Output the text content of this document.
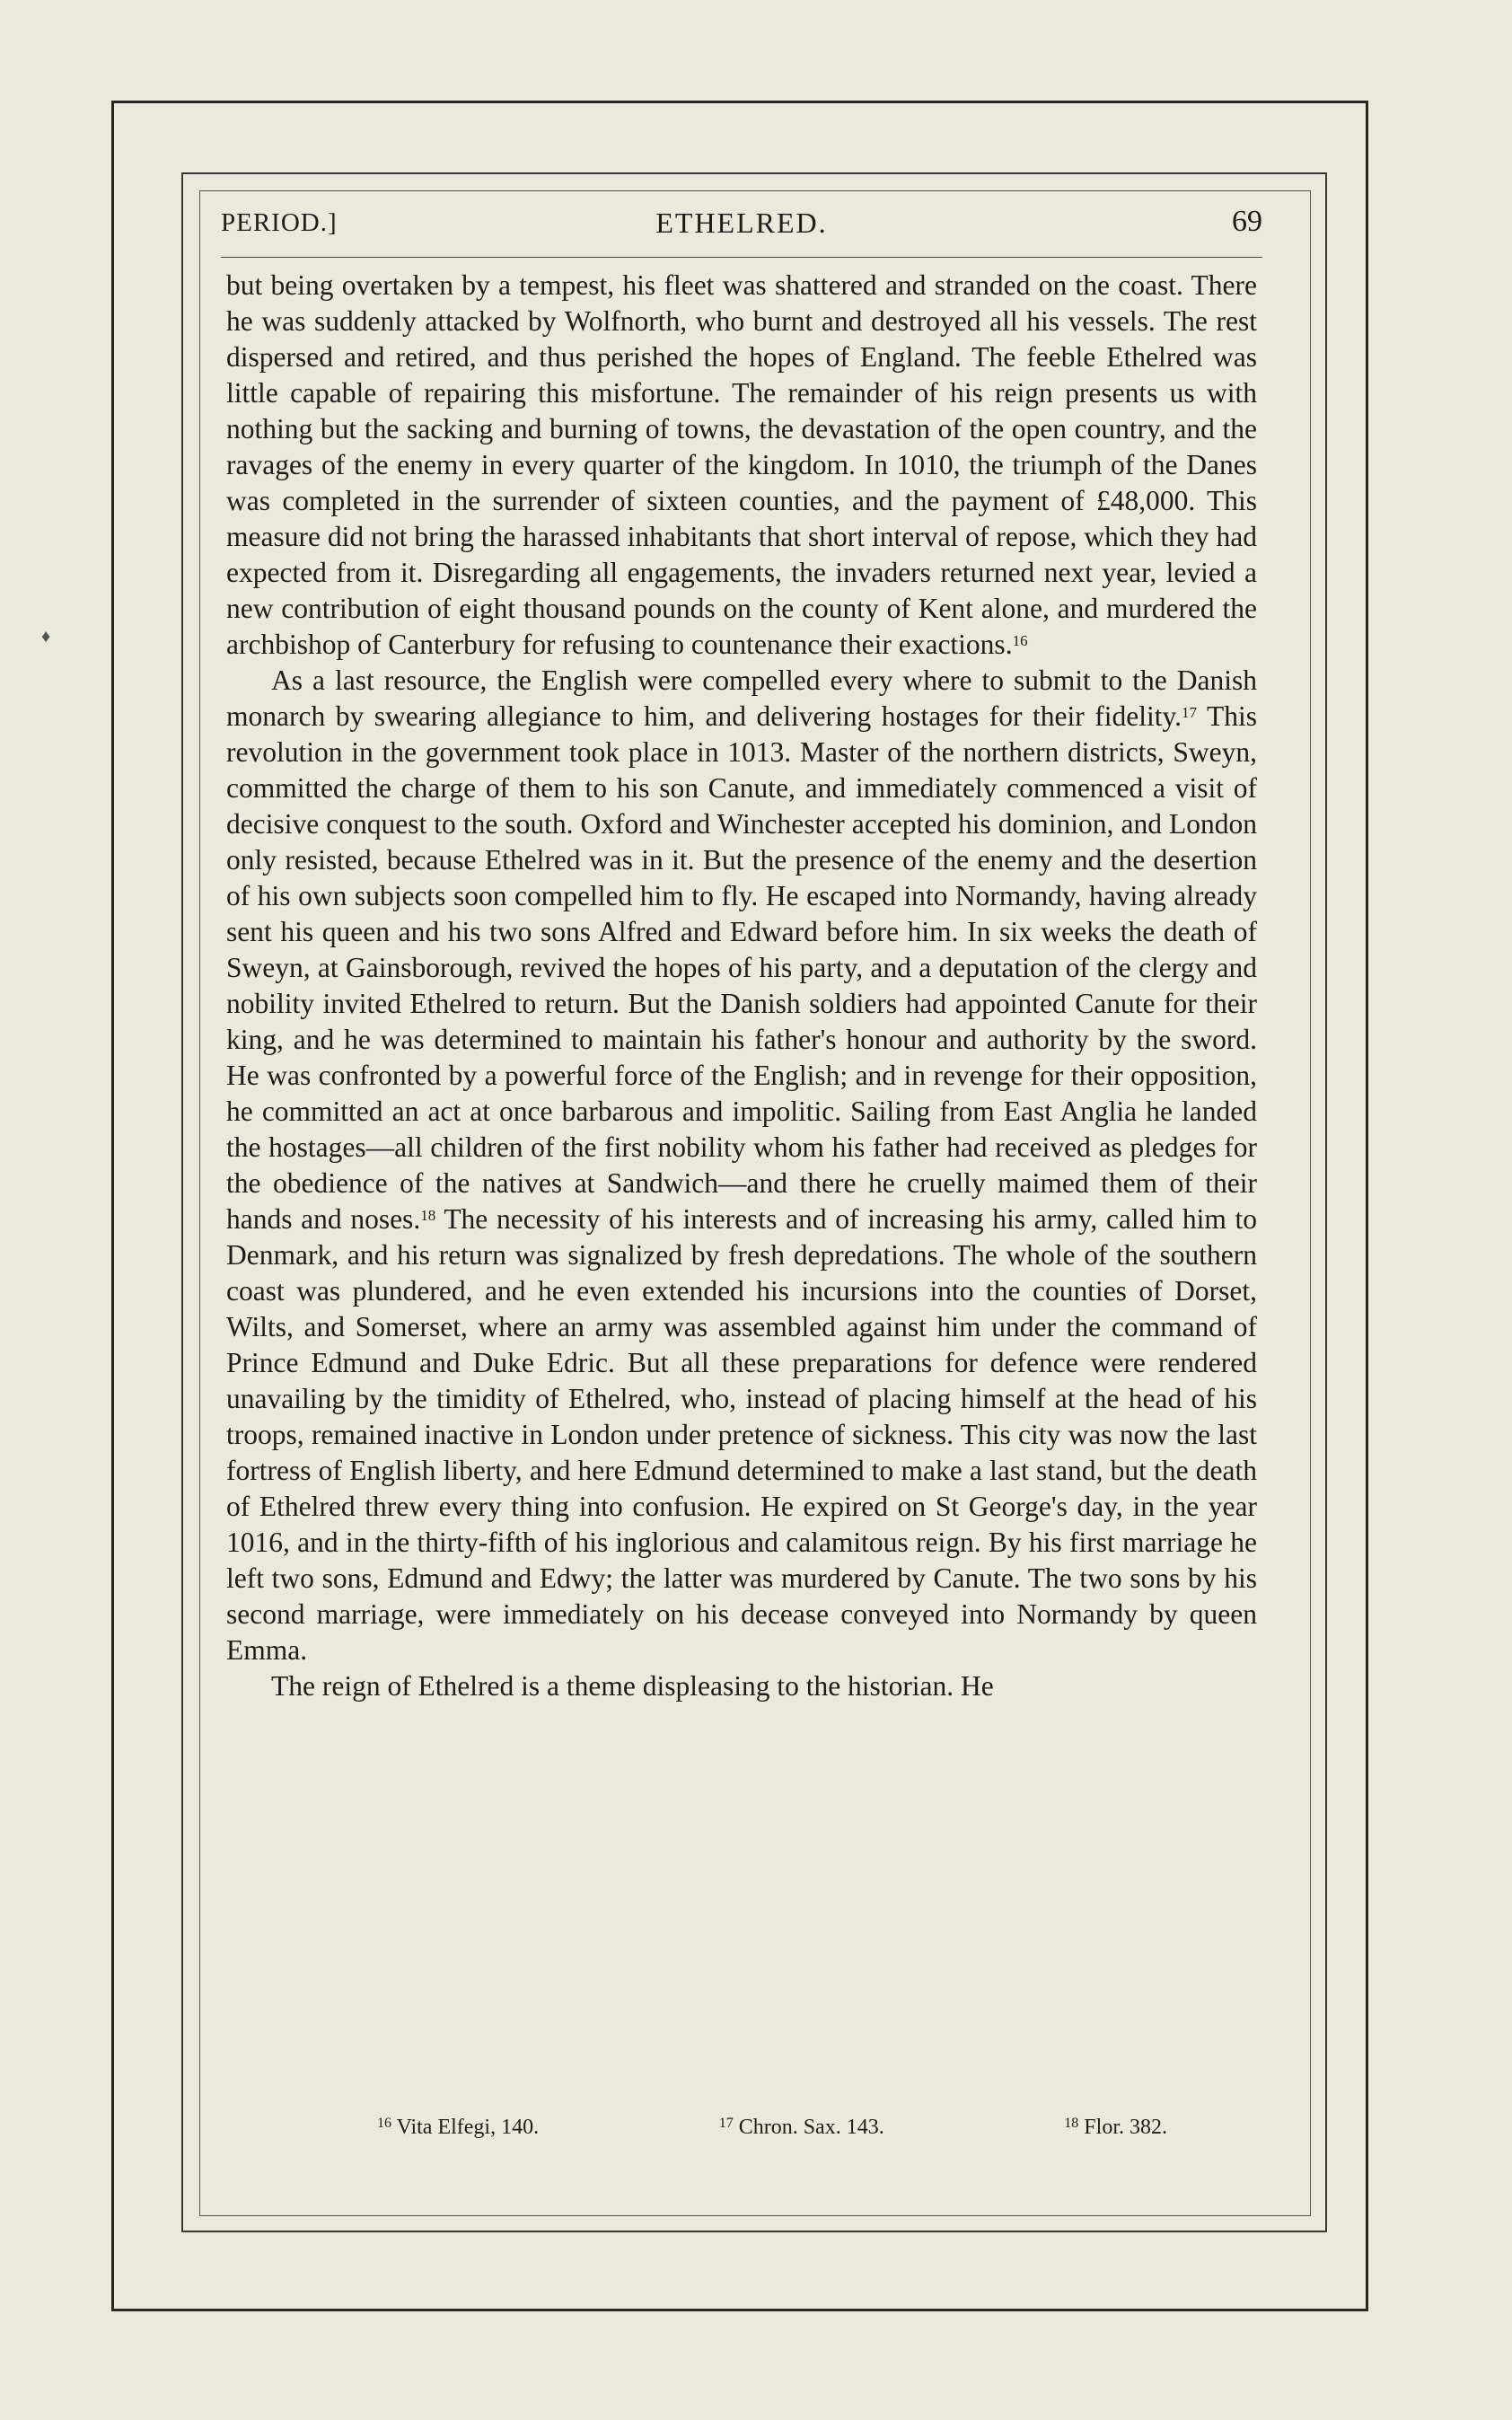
♦
PERIOD.]	ETHELRED.	69

but being overtaken by a tempest, his fleet was shattered and stranded on the coast. There he was suddenly attacked by Wolfnorth, who burnt and destroyed all his vessels. The rest dispersed and retired, and thus perished the hopes of England. The feeble Ethelred was little capable of repairing this misfortune. The remainder of his reign presents us with nothing but the sacking and burning of towns, the devastation of the open country, and the ravages of the enemy in every quarter of the kingdom. In 1010, the triumph of the Danes was completed in the surrender of sixteen counties, and the payment of £48,000. This measure did not bring the harassed inhabitants that short interval of repose, which they had expected from it. Disregarding all engagements, the invaders returned next year, levied a new contribution of eight thousand pounds on the county of Kent alone, and murdered the archbishop of Canterbury for refusing to countenance their exactions.$^{16}$

As a last resource, the English were compelled every where to submit to the Danish monarch by swearing allegiance to him, and delivering hostages for their fidelity.$^{17}$ This revolution in the government took place in 1013. Master of the northern districts, Sweyn, committed the charge of them to his son Canute, and immediately commenced a visit of decisive conquest to the south. Oxford and Winchester accepted his dominion, and London only resisted, because Ethelred was in it. But the presence of the enemy and the desertion of his own subjects soon compelled him to fly. He escaped into Normandy, having already sent his queen and his two sons Alfred and Edward before him. In six weeks the death of Sweyn, at Gainsborough, revived the hopes of his party, and a deputation of the clergy and nobility invited Ethelred to return. But the Danish soldiers had appointed Canute for their king, and he was determined to maintain his father's honour and authority by the sword. He was confronted by a powerful force of the English; and in revenge for their opposition, he committed an act at once barbarous and impolitic. Sailing from East Anglia he landed the hostages—all children of the first nobility whom his father had received as pledges for the obedience of the natives at Sandwich—and there he cruelly maimed them of their hands and noses.$^{18}$ The necessity of his interests and of increasing his army, called him to Denmark, and his return was signalized by fresh depredations. The whole of the southern coast was plundered, and he even extended his incursions into the counties of Dorset, Wilts, and Somerset, where an army was assembled against him under the command of Prince Edmund and Duke Edric. But all these preparations for defence were rendered unavailing by the timidity of Ethelred, who, instead of placing himself at the head of his troops, remained inactive in London under pretence of sickness. This city was now the last fortress of English liberty, and here Edmund determined to make a last stand, but the death of Ethelred threw every thing into confusion. He expired on St George's day, in the year 1016, and in the thirty-fifth of his inglorious and calamitous reign. By his first marriage he left two sons, Edmund and Edwy; the latter was murdered by Canute. The two sons by his second marriage, were immediately on his decease conveyed into Normandy by queen Emma.

The reign of Ethelred is a theme displeasing to the historian. He

$^{16}$ Vita Elfegi, 140.	$^{17}$ Chron. Sax. 143.	$^{18}$ Flor. 382.
